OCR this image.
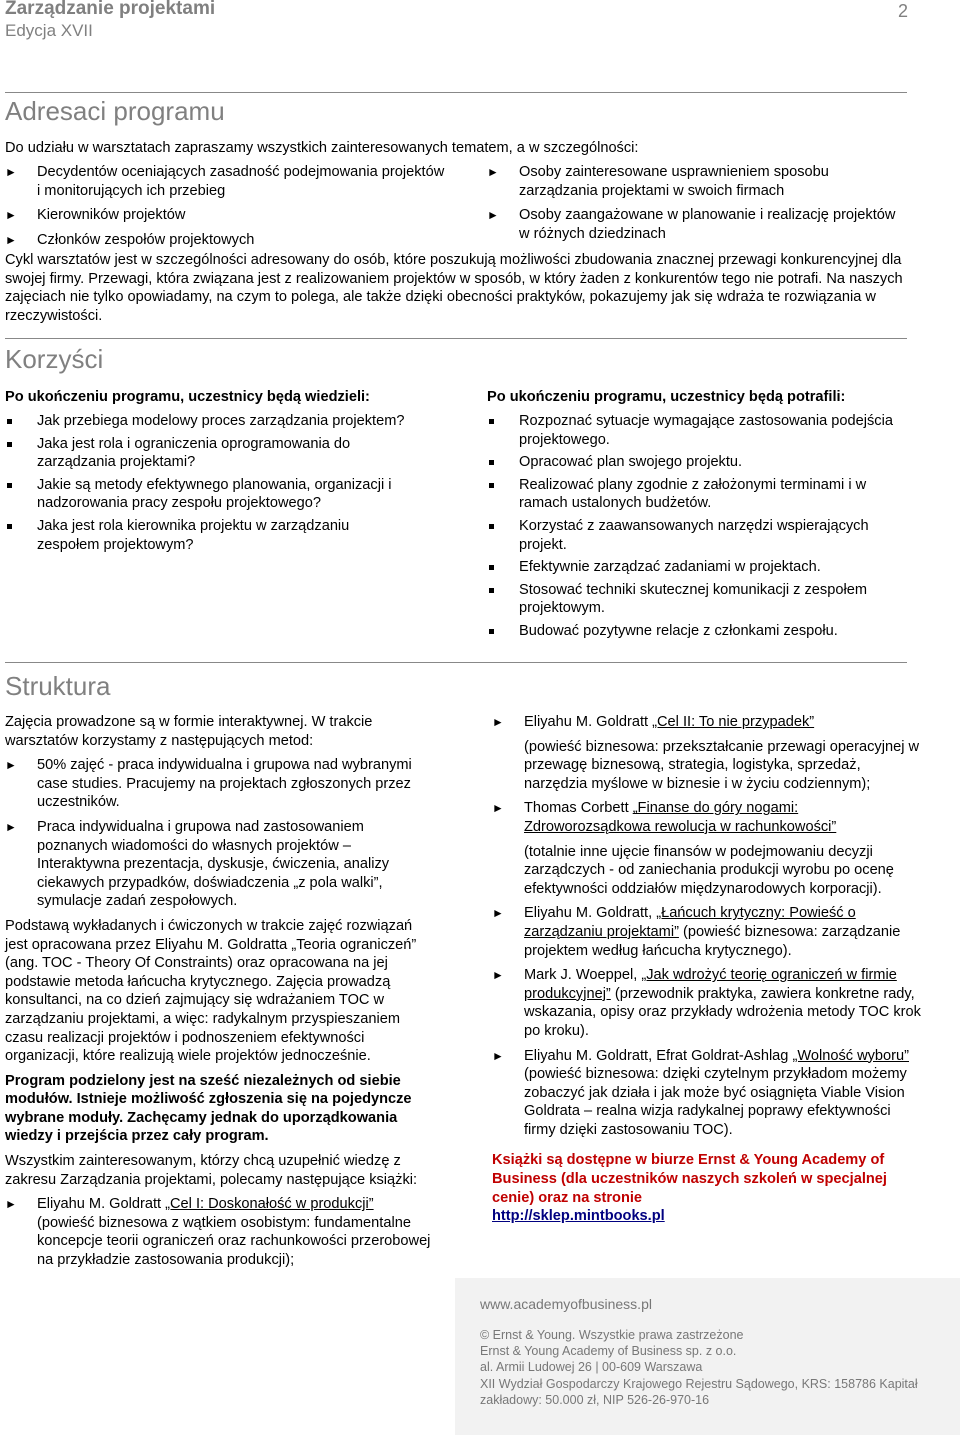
Zarządzanie projektami
Edycja XVII
2
Adresaci programu
Do udziału w warsztatach zapraszamy wszystkich zainteresowanych tematem, a w szczególności:
► Decydentów oceniających zasadność podejmowania projektów i monitorujących ich przebieg
► Kierowników projektów
► Członków zespołów projektowych
► Osoby zainteresowane usprawnieniem sposobu zarządzania projektami w swoich firmach
► Osoby zaangażowane w planowanie i realizację projektów w różnych dziedzinach

Cykl warsztatów jest w szczególności adresowany do osób, które poszukują możliwości zbudowania znacznej przewagi konkurencyjnej dla swojej firmy. Przewagi, która związana jest z realizowaniem projektów w sposób, w który żaden z konkurentów tego nie potrafi. Na naszych zajęciach nie tylko opowiadamy, na czym to polega, ale także dzięki obecności praktyków, pokazujemy jak się wdraża te rozwiązania w rzeczywistości.

Korzyści
Po ukończeniu programu, uczestnicy będą wiedzieli:
Jak przebiega modelowy proces zarządzania projektem?
Jaka jest rola i ograniczenia oprogramowania do zarządzania projektami?
Jakie są metody efektywnego planowania, organizacji i nadzorowania pracy zespołu projektowego?
Jaka jest rola kierownika projektu w zarządzaniu zespołem projektowym?
Po ukończeniu programu, uczestnicy będą potrafili:
Rozpoznać sytuacje wymagające zastosowania podejścia projektowego.
Opracować plan swojego projektu.
Realizować plany zgodnie z założonymi terminami i w ramach ustalonych budżetów.
Korzystać z zaawansowanych narzędzi wspierających projekt.
Efektywnie zarządzać zadaniami w projektach.
Stosować techniki skutecznej komunikacji z zespołem projektowym.
Budować pozytywne relacje z członkami zespołu.
Struktura

Zajęcia prowadzone są w formie interaktywnej. W trakcie warsztatów korzystamy z następujących metod:

► 50% zajęć - praca indywidualna i grupowa nad wybranymi case studies. Pracujemy na projektach zgłoszonych przez uczestników.
► Praca indywidualna i grupowa nad zastosowaniem poznanych wiadomości do własnych projektów – Interaktywna prezentacja, dyskusje, ćwiczenia, analizy ciekawych przypadków, doświadczenia „z pola walki”, symulacje zadań zespołowych.

Podstawą wykładanych i ćwiczonych w trakcie zajęć rozwiązań jest opracowana przez Eliyahu M. Goldratta „Teoria ograniczeń” (ang. TOC - Theory Of Constraints) oraz opracowana na jej podstawie metoda łańcucha krytycznego. Zajęcia prowadzą konsultanci, na co dzień zajmujący się wdrażaniem TOC w zarządzaniu projektami, a więc: radykalnym przyspieszaniem czasu realizacji projektów i podnoszeniem efektywności organizacji, które realizują wiele projektów jednocześnie.

Program podzielony jest na sześć niezależnych od siebie modułów. Istnieje możliwość zgłoszenia się na pojedyncze wybrane moduły. Zachęcamy jednak do uporządkowania wiedzy i przejścia przez cały program.

Wszystkim zainteresowanym, którzy chcą uzupełnić wiedzę z zakresu Zarządzania projektami, polecamy następujące książki:

► Eliyahu M. Goldratt „Cel I: Doskonałość w produkcji”
(powieść biznesowa z wątkiem osobistym: fundamentalne koncepcje teorii ograniczeń oraz rachunkowości przerobowej na przykładzie zastosowania produkcji);
► Eliyahu M. Goldratt „Cel II: To nie przypadek”
(powieść biznesowa: przekształcanie przewagi operacyjnej w przewagę biznesową, strategia, logistyka, sprzedaż, narzędzia myślowe w biznesie i w życiu codziennym);
► Thomas Corbett „Finanse do góry nogami: Zdroworozsądkowa rewolucja w rachunkowości”
(totalnie inne ujęcie finansów w podejmowaniu decyzji zarządczych - od zaniechania produkcji wyrobu po ocenę efektywności oddziałów międzynarodowych korporacji).
► Eliyahu M. Goldratt, „Łańcuch krytyczny: Powieść o zarządzaniu projektami” (powieść biznesowa: zarządzanie projektem według łańcucha krytycznego).
► Mark J. Woeppel, „Jak wdrożyć teorię ograniczeń w firmie produkcyjnej” (przewodnik praktyka, zawiera konkretne rady, wskazania, opisy oraz przykłady wdrożenia metody TOC krok po kroku).
► Eliyahu M. Goldratt, Efrat Goldrat-Ashlag „Wolność wyboru” (powieść biznesowa: dzięki czytelnym przykładom możemy zobaczyć jak działa i jak może być osiągnięta Viable Vision Goldrata – realna wizja radykalnej poprawy efektywności firmy dzięki zastosowaniu TOC).

Książki są dostępne w biurze Ernst & Young Academy of Business (dla uczestników naszych szkoleń w specjalnej cenie) oraz na stronie
http://sklep.mintbooks.pl

www.academyofbusiness.pl
© Ernst & Young. Wszystkie prawa zastrzeżone
Ernst & Young Academy of Business sp. z o.o.
al. Armii Ludowej 26 | 00-609 Warszawa
XII Wydział Gospodarczy Krajowego Rejestru Sądowego, KRS: 158786 Kapitał zakładowy: 50.000 zł, NIP 526-26-970-16
